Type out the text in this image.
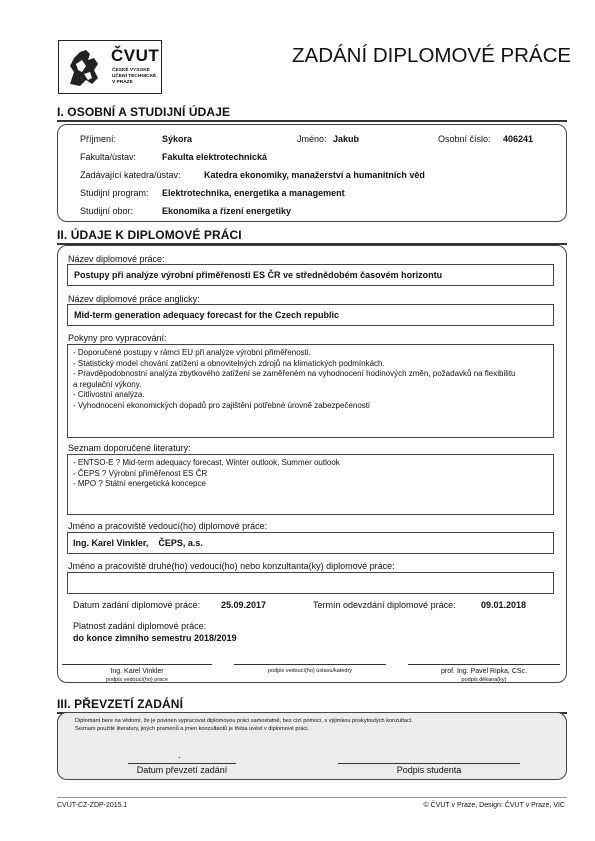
ČVUT
ČESKÉ VYSOKÉ
UČENÍ TECHNICKÉ
V PRAZE
ZADÁNÍ DIPLOMOVÉ PRÁCE
I. OSOBNÍ A STUDIJNÍ ÚDAJE
Příjmení:	Sýkora	Jméno: Jakub	Osobní číslo: 406241
Fakulta/ústav:	Fakulta elektrotechnická
Zadávající katedra/ústav:	Katedra ekonomiky, manažerství a humanitních věd
Studijní program: Elektrotechnika, energetika a management
Studijní obor:	Ekonomika a řízení energetiky
II. ÚDAJE K DIPLOMOVÉ PRÁCI
Název diplomové práce:
Postupy při analýze výrobní přiměřenosti ES ČR ve střednědobém časovém horizontu
Název diplomové práce anglicky:
Mid-term generation adequacy forecast for the Czech republic
Pokyny pro vypracování:
- Doporučené postupy v rámci EU při analýze výrobní přiměřenosti.
- Statistický model chování zatížení a obnovitelných zdrojů na klimatických podmínkách.
- Pravděpodobnostní analýza zbytkového zatížení se zaměřeném na vyhodnocení hodinových změn, požadavků na flexibilitu
a regulační výkony.
- Citlivostní analýza.
- Vyhodnocení ekonomických dopadů pro zajištění potřebné úrovně zabezpečenosti
Seznam doporučené literatury:
- ENTSO-E ? Mid-term adequacy forecast, Winter outlook, Summer outlook
- ČEPS ? Výrobní přiměřenost ES ČR
- MPO ? Státní energetická koncepce
Jméno a pracoviště vedoucí(ho) diplomové práce:
Ing. Karel Vinkler,    ČEPS, a.s.
Jméno a pracoviště druhé(ho) vedoucí(ho) nebo konzultanta(ky) diplomové práce:
Datum zadání diplomové práce: 25.09.2017	Termín odevzdání diplomové práce:	09.01.2018
Platnost zadání diplomové práce:
do konce zimního semestru 2018/2019
Ing. Karel Vinkler
podpis vedoucí(ho) práce
podpis vedoucí(ho) ústavu/katedry	prof. Ing. Pavel Ripka, CSc.
podpis děkana(ky)
III. PŘEVZETÍ ZADÁNÍ
Diplomant bere na vědomí, že je povinen vypracovat diplomovou práci samostatně, bez cizí pomoci, s výjimkou poskytnutých konzultací.
Seznam použité literatury, jiných pramenů a jmen konzultantů je třeba uvést v diplomové práci.
.
Datum převzetí zadání	Podpis studenta
CVUT-CZ-ZDP-2015.1	© ČVUT v Praze, Design: ČVUT v Praze, VIC
